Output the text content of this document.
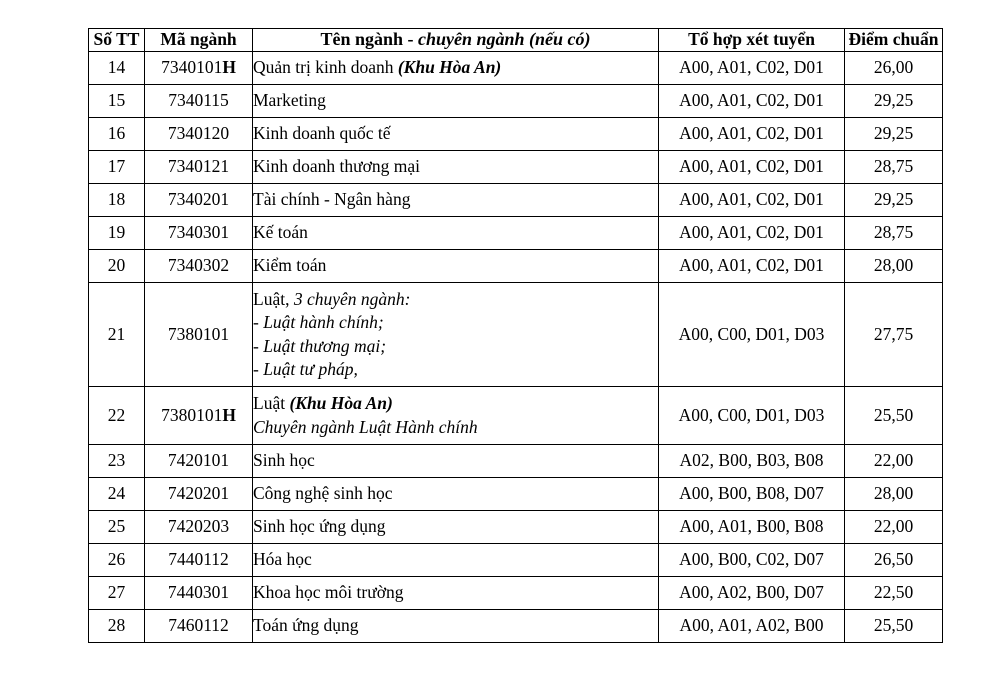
Số TT	Mã ngành	Tên ngành - chuyên ngành (nếu có)	Tổ hợp xét tuyển	Điểm chuẩn
14	7340101H	Quản trị kinh doanh (Khu Hòa An)	A00, A01, C02, D01	26,00
15	7340115	Marketing	A00, A01, C02, D01	29,25
16	7340120	Kinh doanh quốc tế	A00, A01, C02, D01	29,25
17	7340121	Kinh doanh thương mại	A00, A01, C02, D01	28,75
18	7340201	Tài chính - Ngân hàng	A00, A01, C02, D01	29,25
19	7340301	Kế toán	A00, A01, C02, D01	28,75
20	7340302	Kiểm toán	A00, A01, C02, D01	28,00
21	7380101	Luật, 3 chuyên ngành:
- Luật hành chính;
- Luật thương mại;
- Luật tư pháp,	A00, C00, D01, D03	27,75
22	7380101H	Luật (Khu Hòa An)
Chuyên ngành Luật Hành chính	A00, C00, D01, D03	25,50
23	7420101	Sinh học	A02, B00, B03, B08	22,00
24	7420201	Công nghệ sinh học	A00, B00, B08, D07	28,00
25	7420203	Sinh học ứng dụng	A00, A01, B00, B08	22,00
26	7440112	Hóa học	A00, B00, C02, D07	26,50
27	7440301	Khoa học môi trường	A00, A02, B00, D07	22,50
28	7460112	Toán ứng dụng	A00, A01, A02, B00	25,50
